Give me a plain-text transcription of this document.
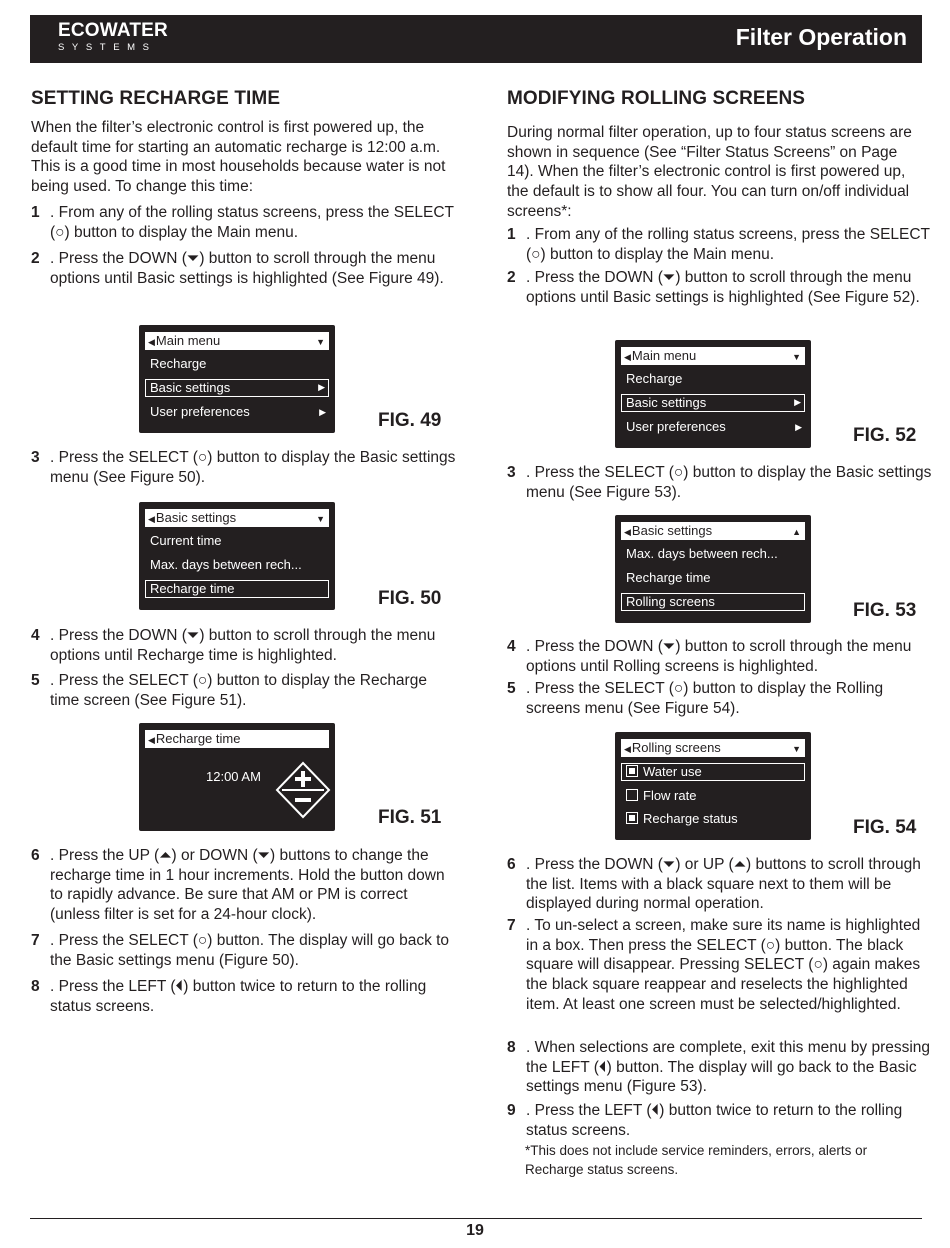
ECOWATER
SYSTEMS	Filter Operation
SETTING RECHARGE TIME
When the filter’s electronic control is first powered up, the default time for starting an automatic recharge is 12:00 a.m. This is a good time in most households because water is not being used. To change this time:
1 . From any of the rolling status screens, press the SELECT (○) button to display the Main menu.
2 . Press the DOWN (⏷) button to scroll through the menu options until Basic settings is highlighted (See Figure 49).
◀Main menu	▼
Recharge
Basic settings	▶
User preferences	▶	FIG. 49
3 . Press the SELECT (○) button to display the Basic settings menu (See Figure 50).
◀Basic settings	▼
Current time
Max. days between rech...
Recharge time	FIG. 50
4 . Press the DOWN (⏷) button to scroll through the menu options until Recharge time is highlighted.
5 . Press the SELECT (○) button to display the Recharge time screen (See Figure 51).
◀Recharge time
12:00 AM
FIG. 51
6 . Press the UP (⏶) or DOWN (⏷) buttons to change the recharge time in 1 hour increments. Hold the button down to rapidly advance. Be sure that AM or PM is correct (unless filter is set for a 24-hour clock).
7 . Press the SELECT (○) button. The display will go back to the Basic settings menu (Figure 50).
8 . Press the LEFT (⏴) button twice to return to the rolling status screens.
MODIFYING ROLLING SCREENS
During normal filter operation, up to four status screens are shown in sequence (See “Filter Status Screens” on Page 14). When the filter’s electronic control is first powered up, the default is to show all four. You can turn on/off individual screens*:
1 . From any of the rolling status screens, press the SELECT (○) button to display the Main menu.
2 . Press the DOWN (⏷) button to scroll through the menu options until Basic settings is highlighted (See Figure 52).
◀Main menu	▼
Recharge
Basic settings	▶
User preferences	▶	FIG. 52
3 . Press the SELECT (○) button to display the Basic settings menu (See Figure 53).
◀Basic settings	▲
Max. days between rech...
Recharge time
Rolling screens	FIG. 53
4 . Press the DOWN (⏷) button to scroll through the menu options until Rolling screens is highlighted.
5 . Press the SELECT (○) button to display the Rolling screens menu (See Figure 54).
◀Rolling screens	▼
Water use
Flow rate
Recharge status	FIG. 54
6 . Press the DOWN (⏷) or UP (⏶) buttons to scroll through the list. Items with a black square next to them will be displayed during normal operation.
7 . To un-select a screen, make sure its name is highlighted in a box. Then press the SELECT (○) button. The black square will disappear. Pressing SELECT (○) again makes the black square reappear and reselects the highlighted item. At least one screen must be selected/highlighted.
8 . When selections are complete, exit this menu by pressing the LEFT (⏴) button. The display will go back to the Basic settings menu (Figure 53).
9 . Press the LEFT (⏴) button twice to return to the rolling status screens.
*This does not include service reminders, errors, alerts or Recharge status screens.
19
